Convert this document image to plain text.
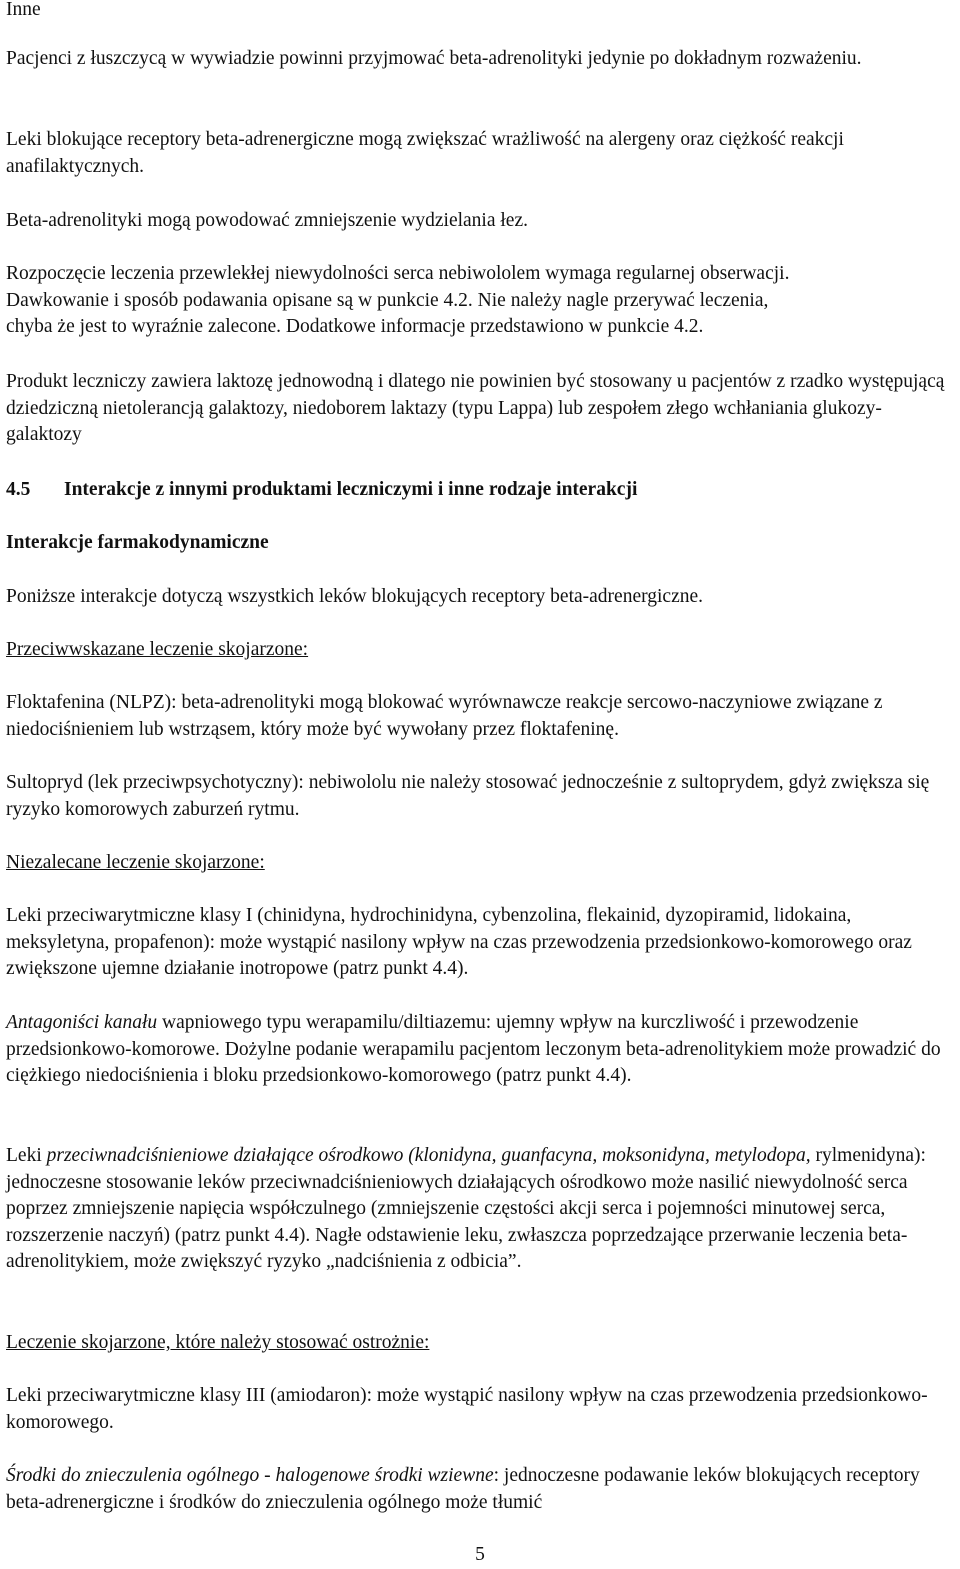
Inne

Pacjenci z łuszczycą w wywiadzie powinni przyjmować beta-adrenolityki jedynie po dokładnym rozważeniu.

Leki blokujące receptory beta-adrenergiczne mogą zwiększać wrażliwość na alergeny oraz ciężkość reakcji anafilaktycznych.

Beta-adrenolityki mogą powodować zmniejszenie wydzielania łez.

Rozpoczęcie leczenia przewlekłej niewydolności serca nebiwololem wymaga regularnej obserwacji.

Dawkowanie i sposób podawania opisane są w punkcie 4.2. Nie należy nagle przerywać leczenia,

chyba że jest to wyraźnie zalecone. Dodatkowe informacje przedstawiono w punkcie 4.2.

Produkt leczniczy zawiera laktozę jednowodną i dlatego nie powinien być stosowany u pacjentów z rzadko występującą dziedziczną nietolerancją galaktozy, niedoborem laktazy (typu Lappa) lub zespołem złego wchłaniania glukozy-galaktozy

4.5 Interakcje z innymi produktami leczniczymi i inne rodzaje interakcji

Interakcje farmakodynamiczne

Poniższe interakcje dotyczą wszystkich leków blokujących receptory beta-adrenergiczne.

Przeciwwskazane leczenie skojarzone:

Floktafenina (NLPZ): beta-adrenolityki mogą blokować wyrównawcze reakcje sercowo-naczyniowe związane z niedociśnieniem lub wstrząsem, który może być wywołany przez floktafeninę.

Sultopryd (lek przeciwpsychotyczny): nebiwololu nie należy stosować jednocześnie z sultoprydem, gdyż zwiększa się ryzyko komorowych zaburzeń rytmu.

Niezalecane leczenie skojarzone:

Leki przeciwarytmiczne klasy I (chinidyna, hydrochinidyna, cybenzolina, flekainid, dyzopiramid, lidokaina, meksyletyna, propafenon): może wystąpić nasilony wpływ na czas przewodzenia przedsionkowo-komorowego oraz zwiększone ujemne działanie inotropowe (patrz punkt 4.4).

Antagoniści kanału wapniowego typu werapamilu/diltiazemu: ujemny wpływ na kurczliwość i przewodzenie przedsionkowo-komorowe. Dożylne podanie werapamilu pacjentom leczonym beta-adrenolitykiem może prowadzić do ciężkiego niedociśnienia i bloku przedsionkowo-komorowego (patrz punkt 4.4).

Leki przeciwnadciśnieniowe działające ośrodkowo (klonidyna, guanfacyna, moksonidyna, metylodopa, rylmenidyna): jednoczesne stosowanie leków przeciwnadciśnieniowych działających ośrodkowo może nasilić niewydolność serca poprzez zmniejszenie napięcia współczulnego (zmniejszenie częstości akcji serca i pojemności minutowej serca, rozszerzenie naczyń) (patrz punkt 4.4). Nagłe odstawienie leku, zwłaszcza poprzedzające przerwanie leczenia beta-adrenolitykiem, może zwiększyć ryzyko „nadciśnienia z odbicia”.

Leczenie skojarzone, które należy stosować ostrożnie:

Leki przeciwarytmiczne klasy III (amiodaron): może wystąpić nasilony wpływ na czas przewodzenia przedsionkowo-komorowego.

Środki do znieczulenia ogólnego - halogenowe środki wziewne: jednoczesne podawanie leków blokujących receptory beta-adrenergiczne i środków do znieczulenia ogólnego może tłumić

5
